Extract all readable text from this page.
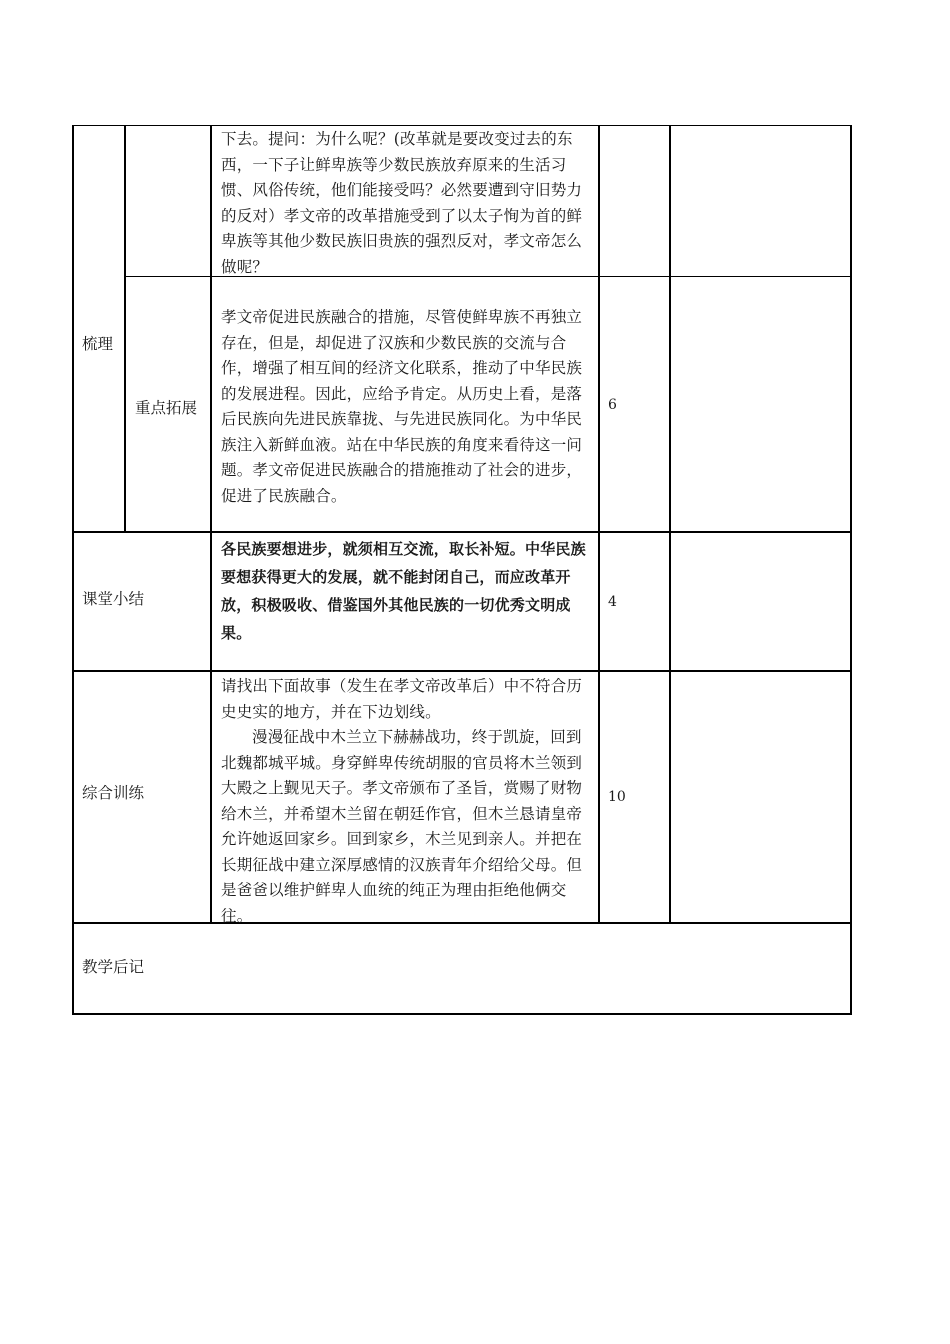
梳理
下去。提问：为什么呢？(改革就是要改变过去的东西，一下子让鲜卑族等少数民族放弃原来的生活习惯、风俗传统，他们能接受吗？必然要遭到守旧势力的反对）孝文帝的改革措施受到了以太子恂为首的鲜卑族等其他少数民族旧贵族的强烈反对，孝文帝怎么做呢？
重点拓展
孝文帝促进民族融合的措施，尽管使鲜卑族不再独立存在，但是，却促进了汉族和少数民族的交流与合作，增强了相互间的经济文化联系，推动了中华民族的发展进程。因此，应给予肯定。从历史上看，是落后民族向先进民族靠拢、与先进民族同化。为中华民族注入新鲜血液。站在中华民族的角度来看待这一问题。孝文帝促进民族融合的措施推动了社会的进步，促进了民族融合。
6
课堂小结
各民族要想进步，就须相互交流，取长补短。中华民族要想获得更大的发展，就不能封闭自己，而应改革开放，积极吸收、借鉴国外其他民族的一切优秀文明成果。
4
综合训练
请找出下面故事（发生在孝文帝改革后）中不符合历史史实的地方，并在下边划线。
漫漫征战中木兰立下赫赫战功，终于凯旋，回到北魏都城平城。身穿鲜卑传统胡服的官员将木兰领到大殿之上觐见天子。孝文帝颁布了圣旨，赏赐了财物给木兰，并希望木兰留在朝廷作官，但木兰恳请皇帝允许她返回家乡。回到家乡，木兰见到亲人。并把在长期征战中建立深厚感情的汉族青年介绍给父母。但是爸爸以维护鲜卑人血统的纯正为理由拒绝他俩交往。
10
教学后记
